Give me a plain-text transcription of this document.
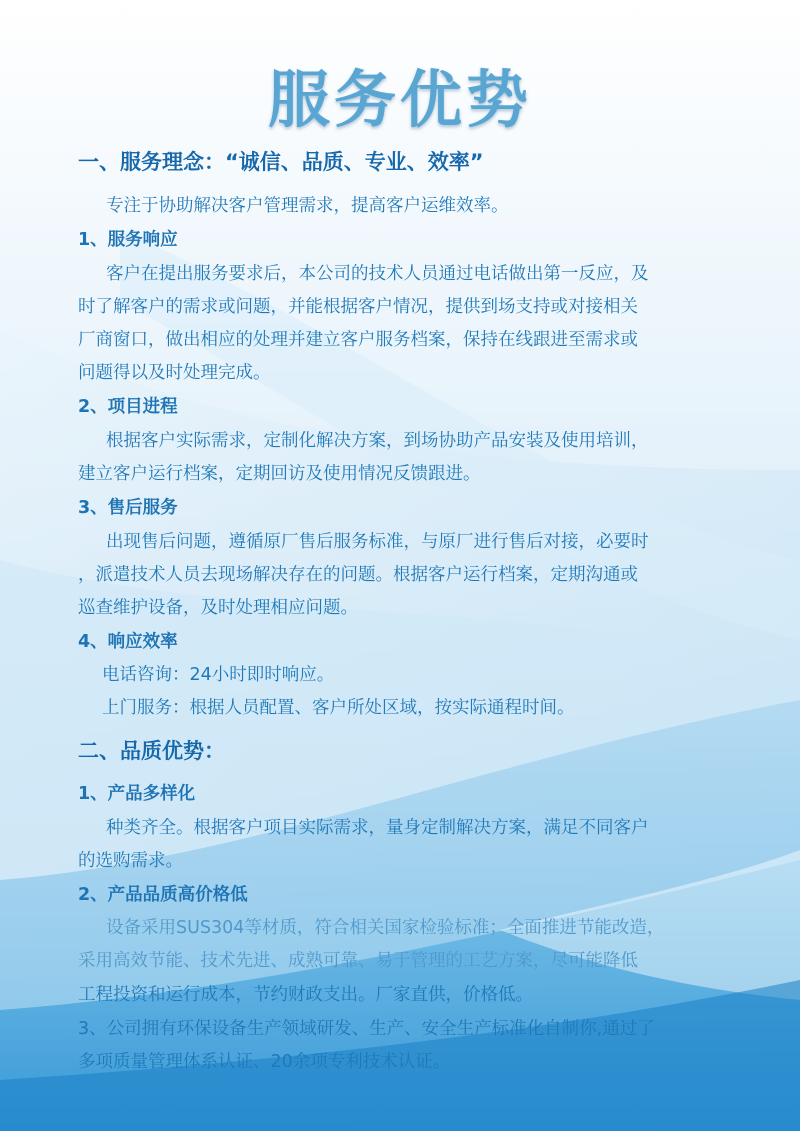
服务优势
一、服务理念：“诚信、品质、专业、效率”
专注于协助解决客户管理需求，提高客户运维效率。
1、服务响应
客户在提出服务要求后，本公司的技术人员通过电话做出第一反应，及
时了解客户的需求或问题，并能根据客户情况，提供到场支持或对接相关
厂商窗口，做出相应的处理并建立客户服务档案，保持在线跟进至需求或
问题得以及时处理完成。
2、项目进程
根据客户实际需求，定制化解决方案，到场协助产品安装及使用培训，
建立客户运行档案，定期回访及使用情况反馈跟进。
3、售后服务
出现售后问题，遵循原厂售后服务标准，与原厂进行售后对接，必要时
，派遣技术人员去现场解决存在的问题。根据客户运行档案，定期沟通或
巡查维护设备，及时处理相应问题。
4、响应效率
电话咨询：24小时即时响应。
上门服务：根据人员配置、客户所处区域，按实际通程时间。
二、品质优势：
1、产品多样化
种类齐全。根据客户项目实际需求，量身定制解决方案，满足不同客户
的选购需求。
2、产品品质高价格低
设备采用SUS304等材质，符合相关国家检验标准；全面推进节能改造，
采用高效节能、技术先进、成熟可靠、易于管理的工艺方案，尽可能降低
工程投资和运行成本，节约财政支出。厂家直供，价格低。
3、公司拥有环保设备生产领域研发、生产、安全生产标准化自制你,通过了
多项质量管理体系认证、20余项专利技术认证。
